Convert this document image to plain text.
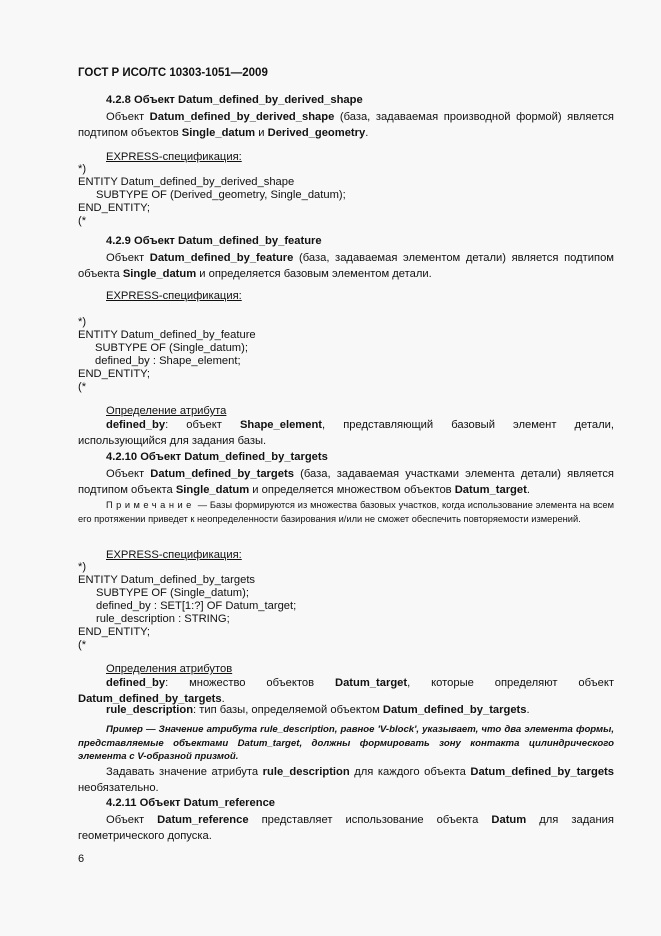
ГОСТ Р ИСО/ТС 10303-1051—2009
4.2.8 Объект Datum_defined_by_derived_shape
Объект Datum_defined_by_derived_shape (база, задаваемая производной формой) является подтипом объектов Single_datum и Derived_geometry.
EXPRESS-спецификация:
*)
ENTITY Datum_defined_by_derived_shape
SUBTYPE OF (Derived_geometry, Single_datum);
END_ENTITY;
(*
4.2.9 Объект Datum_defined_by_feature
Объект Datum_defined_by_feature (база, задаваемая элементом детали) является подтипом объекта Single_datum и определяется базовым элементом детали.
EXPRESS-спецификация:
*)
ENTITY Datum_defined_by_feature
SUBTYPE OF (Single_datum);
defined_by : Shape_element;
END_ENTITY;
(*
Определение атрибута
defined_by: объект Shape_element, представляющий базовый элемент детали, использующийся для задания базы.
4.2.10 Объект Datum_defined_by_targets
Объект Datum_defined_by_targets (база, задаваемая участками элемента детали) является подтипом объекта Single_datum и определяется множеством объектов Datum_target.
Примечание — Базы формируются из множества базовых участков, когда использование элемента на всем его протяжении приведет к неопределенности базирования и/или не сможет обеспечить повторяемости измерений.
EXPRESS-спецификация:
*)
ENTITY Datum_defined_by_targets
SUBTYPE OF (Single_datum);
defined_by : SET[1:?] OF Datum_target;
rule_description : STRING;
END_ENTITY;
(*
Определения атрибутов
defined_by: множество объектов Datum_target, которые определяют объект Datum_defined_by_targets.
rule_description: тип базы, определяемой объектом Datum_defined_by_targets.
Пример — Значение атрибута rule_description, равное 'V-block', указывает, что два элемента формы, представляемые объектами Datum_target, должны формировать зону контакта цилиндрического элемента с V-образной призмой.
Задавать значение атрибута rule_description для каждого объекта Datum_defined_by_targets необязательно.
4.2.11 Объект Datum_reference
Объект Datum_reference представляет использование объекта Datum для задания геометрического допуска.
6
